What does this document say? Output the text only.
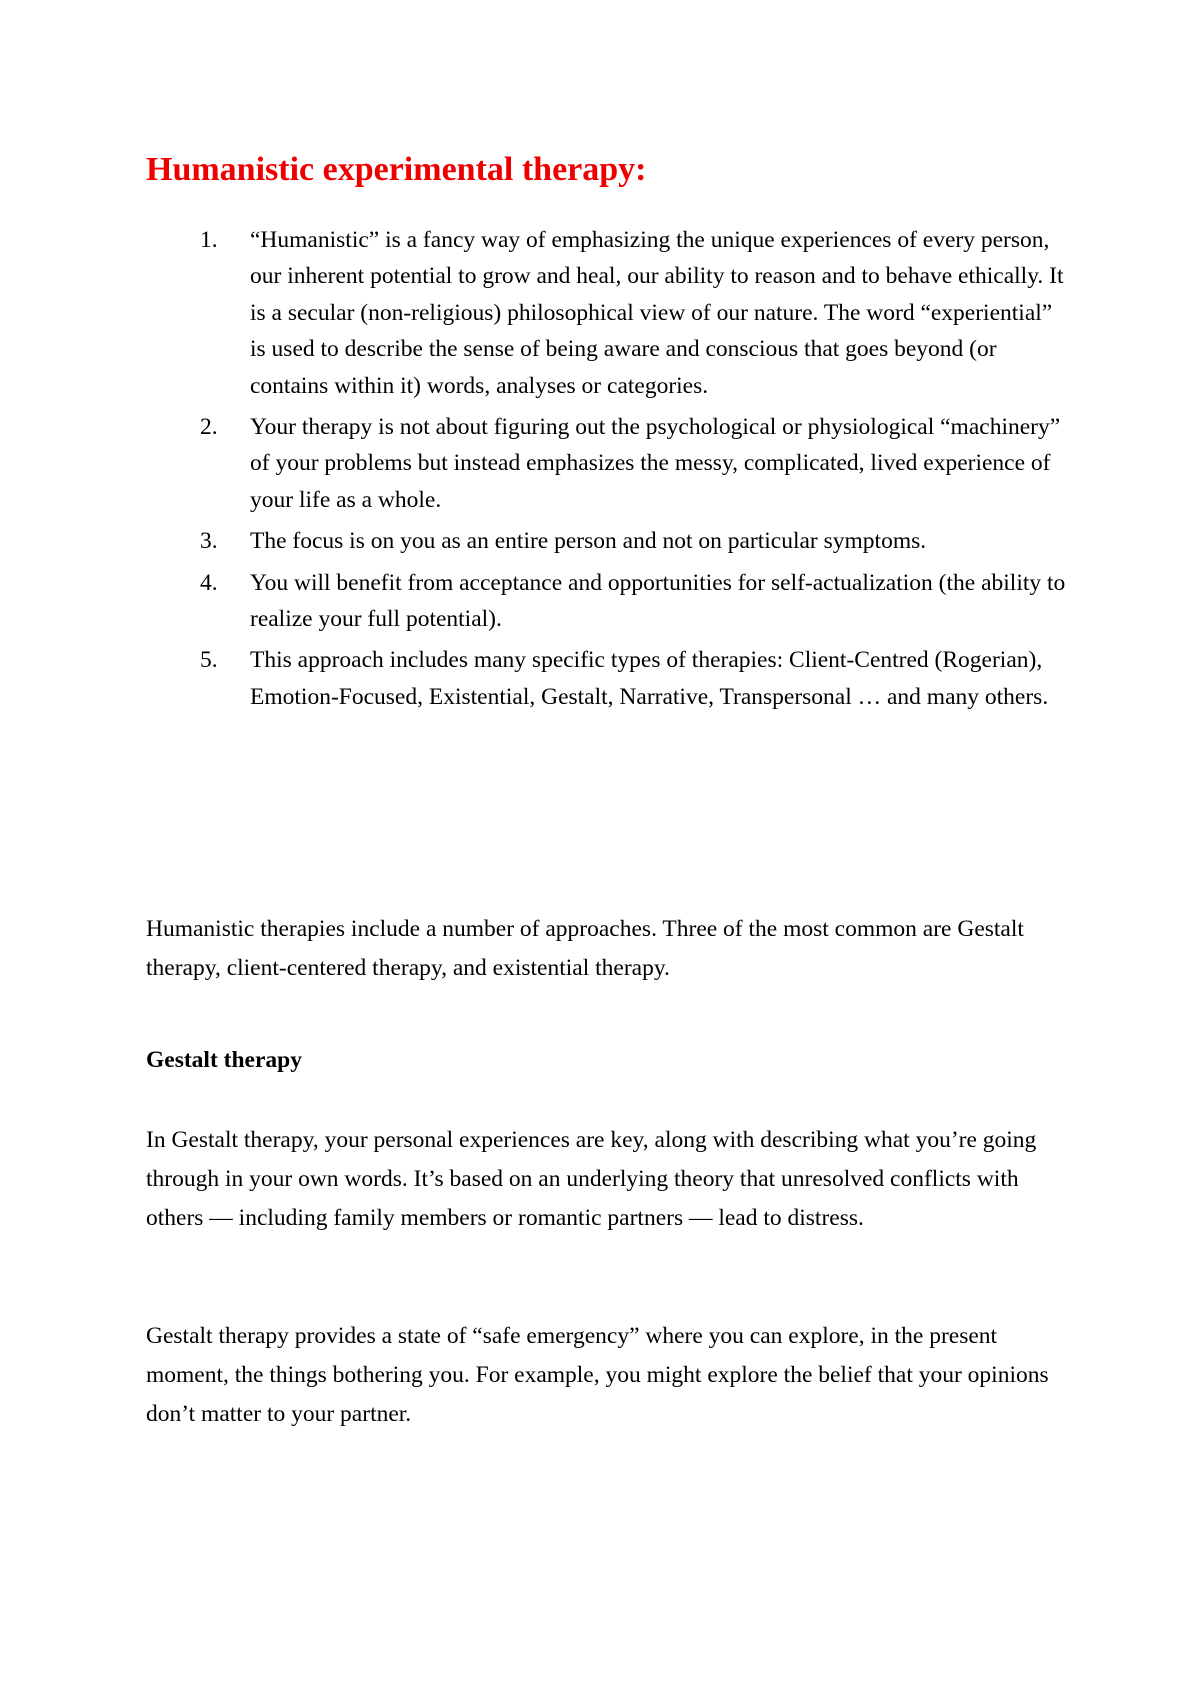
Humanistic experimental therapy:
1.	“Humanistic” is a fancy way of emphasizing the unique experiences of every person, our inherent potential to grow and heal, our ability to reason and to behave ethically. It is a secular (non-religious) philosophical view of our nature. The word “experiential” is used to describe the sense of being aware and conscious that goes beyond (or contains within it) words, analyses or categories.
2.	Your therapy is not about figuring out the psychological or physiological “machinery” of your problems but instead emphasizes the messy, complicated, lived experience of your life as a whole.
3.	The focus is on you as an entire person and not on particular symptoms.
4.	You will benefit from acceptance and opportunities for self-actualization (the ability to realize your full potential).
5.	This approach includes many specific types of therapies: Client-Centred (Rogerian), Emotion-Focused, Existential, Gestalt, Narrative, Transpersonal … and many others.

Humanistic therapies include a number of approaches. Three of the most common are Gestalt therapy, client-centered therapy, and existential therapy.

Gestalt therapy

In Gestalt therapy, your personal experiences are key, along with describing what you’re going through in your own words. It’s based on an underlying theory that unresolved conflicts with others — including family members or romantic partners — lead to distress.

Gestalt therapy provides a state of “safe emergency” where you can explore, in the present moment, the things bothering you. For example, you might explore the belief that your opinions don’t matter to your partner.
